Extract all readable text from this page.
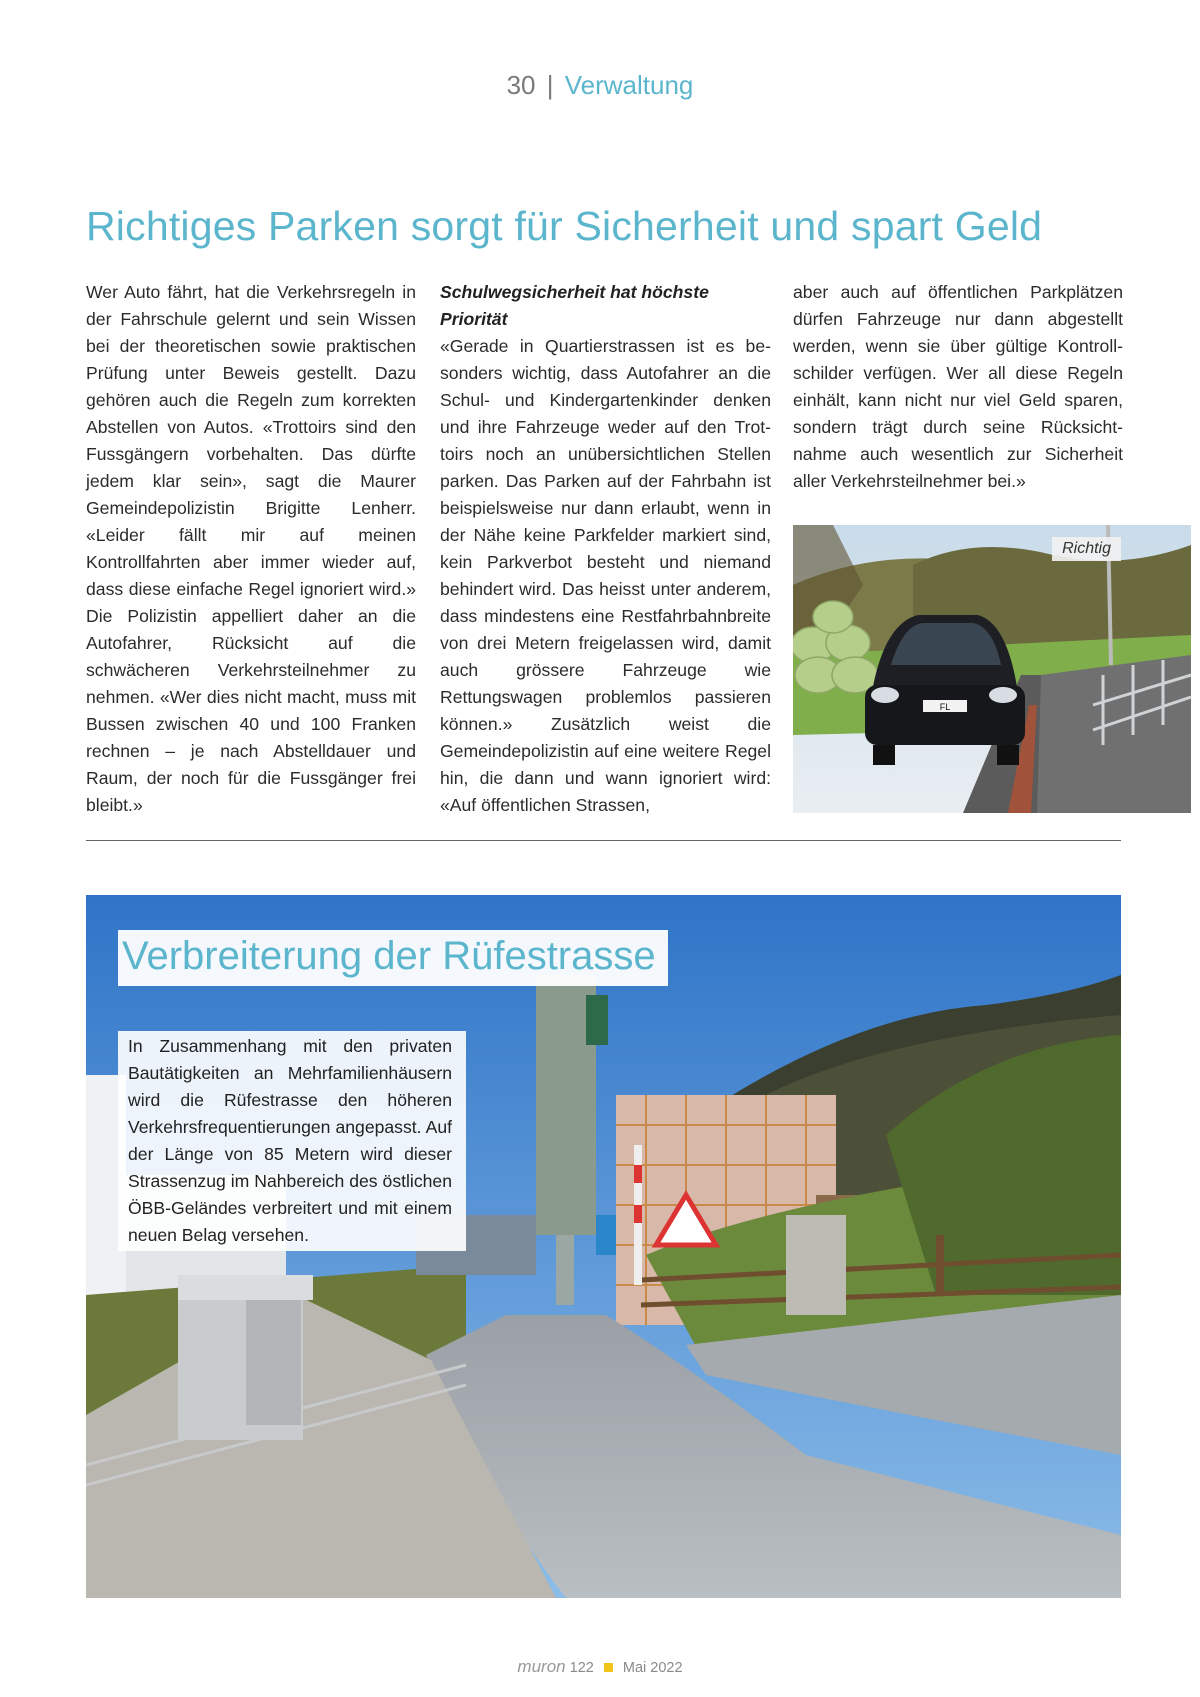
30 | Verwaltung
Richtiges Parken sorgt für Sicherheit und spart Geld

Wer Auto fährt, hat die Verkehrsregeln in der Fahrschule gelernt und sein Wissen bei der theoretischen sowie praktischen Prüfung unter Beweis gestellt. Dazu gehören auch die Regeln zum korrekten Abstellen von Autos. «Trottoirs sind den Fussgängern vorbehalten. Das dürfte jedem klar sein», sagt die Maurer Gemeindepolizistin Brigitte Lenherr. «Leider fällt mir auf meinen Kontrollfahrten aber immer wieder auf, dass diese einfache Regel ignoriert wird.» Die Polizistin appelliert daher an die Autofahrer, Rücksicht auf die schwächeren Verkehrsteilnehmer zu nehmen. «Wer dies nicht macht, muss mit Bussen zwischen 40 und 100 Franken rechnen – je nach Abstelldauer und Raum, der noch für die Fussgänger frei bleibt.»

Schulwegsicherheit hat höchste Priorität

«Gerade in Quartierstrassen ist es besonders wichtig, dass Autofahrer an die Schul- und Kindergartenkinder denken und ihre Fahrzeuge weder auf den Trottoirs noch an unübersichtlichen Stellen parken. Das Parken auf der Fahrbahn ist beispielsweise nur dann erlaubt, wenn in der Nähe keine Parkfelder markiert sind, kein Parkverbot besteht und niemand behindert wird. Das heisst unter anderem, dass mindestens eine Restfahrbahnbreite von drei Metern freigelassen wird, damit auch grössere Fahrzeuge wie Rettungswagen problemlos passieren können.» Zusätzlich weist die Gemeindepolizistin auf eine weitere Regel hin, die dann und wann ignoriert wird: «Auf öffentlichen Strassen,

aber auch auf öffentlichen Parkplätzen dürfen Fahrzeuge nur dann abgestellt werden, wenn sie über gültige Kontrollschilder verfügen. Wer all diese Regeln einhält, kann nicht nur viel Geld sparen, sondern trägt durch seine Rücksichtnahme auch wesentlich zur Sicherheit aller Verkehrsteilnehmer bei.»

FL
Richtig
Verbreiterung der Rüfestrasse
In Zusammenhang mit den privaten Bautätigkeiten an Mehrfamilienhäusern wird die Rüfestrasse den höheren Verkehrsfrequentierungen angepasst. Auf der Länge von 85 Metern wird dieser Strassenzug im Nahbereich des östlichen ÖBB-Geländes verbreitert und mit einem neuen Belag versehen.
muron 122 Mai 2022
